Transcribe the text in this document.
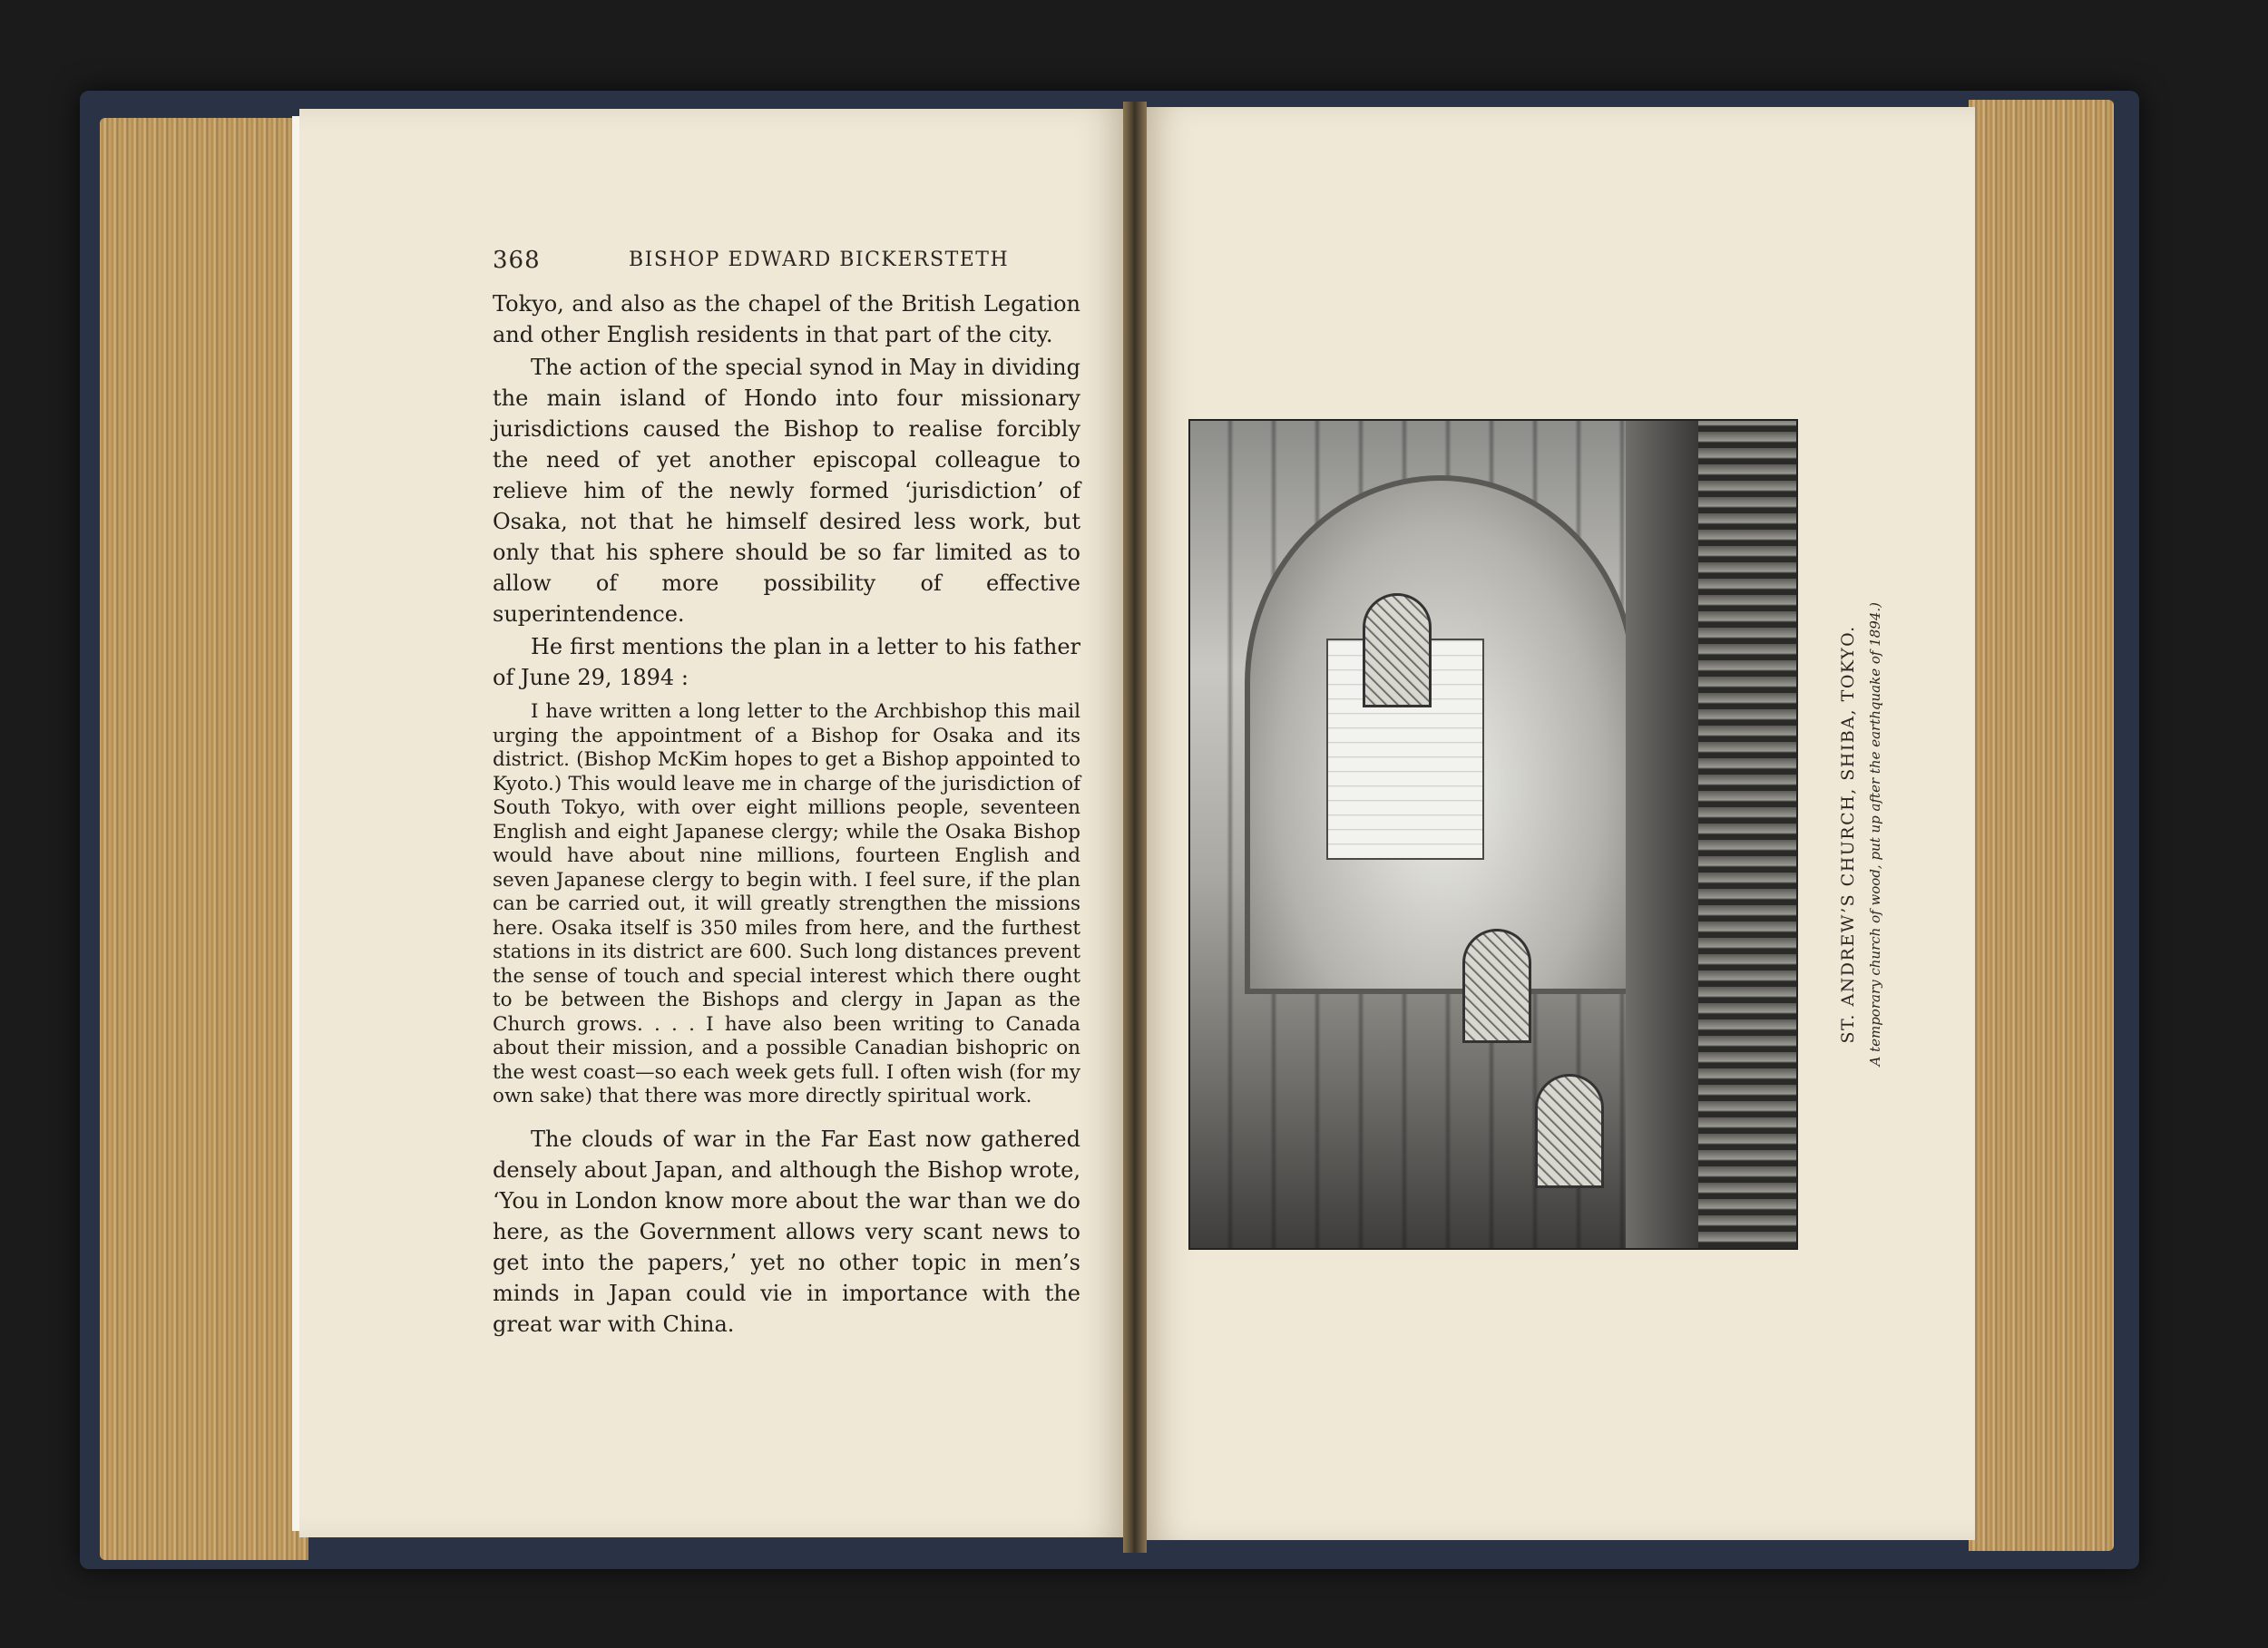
368	BISHOP EDWARD BICKERSTETH

Tokyo, and also as the chapel of the British Legation and other English residents in that part of the city.

The action of the special synod in May in dividing the main island of Hondo into four missionary jurisdictions caused the Bishop to realise forcibly the need of yet another episcopal colleague to relieve him of the newly formed ‘jurisdiction’ of Osaka, not that he himself desired less work, but only that his sphere should be so far limited as to allow of more possibility of effective superintendence.

He first mentions the plan in a letter to his father of June 29, 1894 :

I have written a long letter to the Archbishop this mail urging the appointment of a Bishop for Osaka and its district. (Bishop McKim hopes to get a Bishop appointed to Kyoto.) This would leave me in charge of the jurisdiction of South Tokyo, with over eight millions people, seventeen English and eight Japanese clergy; while the Osaka Bishop would have about nine millions, fourteen English and seven Japanese clergy to begin with. I feel sure, if the plan can be carried out, it will greatly strengthen the missions here. Osaka itself is 350 miles from here, and the furthest stations in its district are 600. Such long distances prevent the sense of touch and special interest which there ought to be between the Bishops and clergy in Japan as the Church grows. . . . I have also been writing to Canada about their mission, and a possible Canadian bishopric on the west coast—so each week gets full. I often wish (for my own sake) that there was more directly spiritual work.

The clouds of war in the Far East now gathered densely about Japan, and although the Bishop wrote, ‘You in London know more about the war than we do here, as the Government allows very scant news to get into the papers,’ yet no other topic in men’s minds in Japan could vie in importance with the great war with China.

ST. ANDREW’S CHURCH, SHIBA, TOKYO. A temporary church of wood, put up after the earthquake of 1894.)
